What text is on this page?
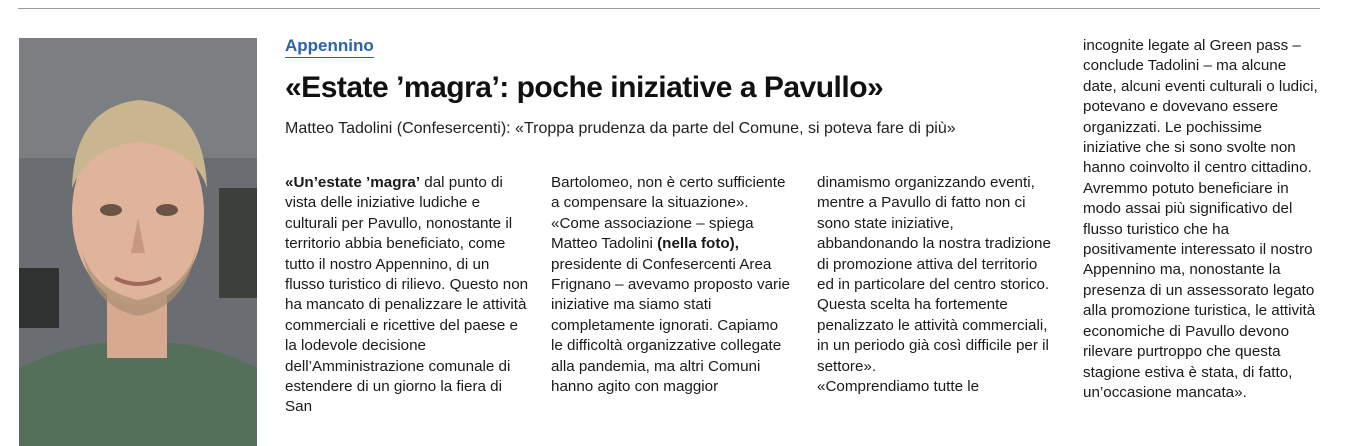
Appennino
«Estate ’magra’: poche iniziative a Pavullo»
Matteo Tadolini (Confesercenti): «Troppa prudenza da parte del Comune, si poteva fare di più»

«Un’estate ’magra’ dal punto di vista delle iniziative ludiche e culturali per Pavullo, nonostante il territorio abbia beneficiato, come tutto il nostro Appennino, di un flusso turistico di rilievo. Questo non ha mancato di penalizzare le attività commerciali e ricettive del paese e la lodevole decisione dell’Amministrazione comunale di estendere di un giorno la fiera di San

Bartolomeo, non è certo sufficiente a compensare la situazione».

«Come associazione – spiega Matteo Tadolini (nella foto), presidente di Confesercenti Area Frignano – avevamo proposto varie iniziative ma siamo stati completamente ignorati. Capiamo le difficoltà organizzative collegate alla pandemia, ma altri Comuni hanno agito con maggior

dinamismo organizzando eventi, mentre a Pavullo di fatto non ci sono state iniziative, abbandonando la nostra tradizione di promozione attiva del territorio ed in particolare del centro storico. Questa scelta ha fortemente penalizzato le attività commerciali, in un periodo già così difficile per il settore».

«Comprendiamo tutte le

incognite legate al Green pass – conclude Tadolini – ma alcune date, alcuni eventi culturali o ludici, potevano e dovevano essere organizzati. Le pochissime iniziative che si sono svolte non hanno coinvolto il centro cittadino. Avremmo potuto beneficiare in modo assai più significativo del flusso turistico che ha positivamente interessato il nostro Appennino ma, nonostante la presenza di un assessorato legato alla promozione turistica, le attività economiche di Pavullo devono rilevare purtroppo che questa stagione estiva è stata, di fatto, un’occasione mancata».
